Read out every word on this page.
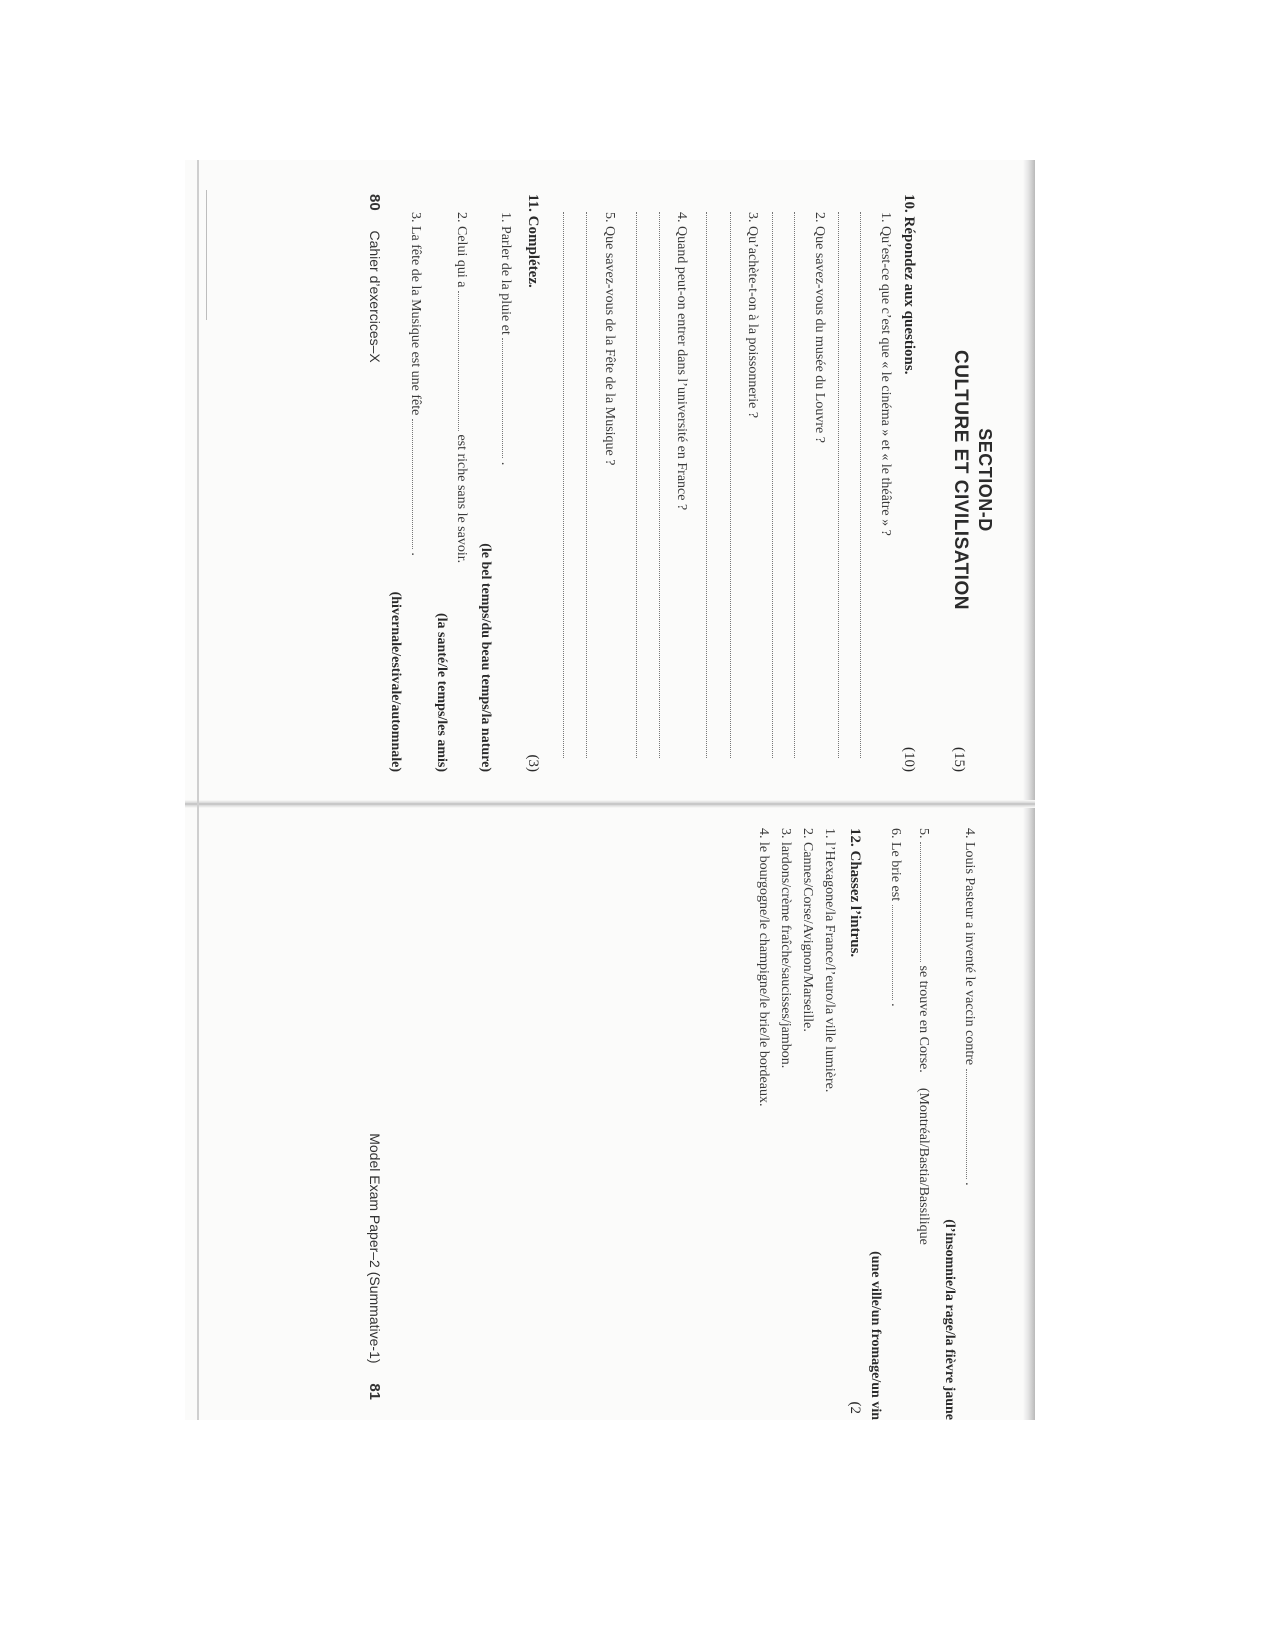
SECTION-D
CULTURE ET CIVILISATION
(15)
10. Répondez aux questions.
(10)
1. Qu’est-ce que c’est que « le cinéma » et « le théâtre » ?
2. Que savez-vous du musée du Louvre ?
3. Qu’achète-t-on à la poissonnerie ?
4. Quand peut-on entrer dans l’université en France ?
5. Que savez-vous de la Fête de la Musique ?
11. Complétez.
(3)
1. Parler de la pluie et  .
(le bel temps/du beau temps/la nature)
2. Celui qui a  est riche sans le savoir.
(la santé/le temps/les amis)
3. La fête de la Musique est une fête  .
(hivernale/estivale/automnale)
80  Cahier d’exercices–X
4. Louis Pasteur a inventé le vaccin contre  .
(l’insomnie/la rage/la fièvre jaune
5.  se trouve en Corse.  (Montréal/Bastia/Bassilique
6. Le brie est  .
(une ville/un fromage/un vin
12. Chassez l’intrus.
(2
1. l’Hexagone/la France/l’euro/la ville lumière.
2. Cannes/Corse/Avignon/Marseille.
3. lardons/crème fraîche/saucisses/jambon.
4. le bourgogne/le champigne/le brie/le bordeaux.
Model Exam Paper–2 (Summative-1)  81
